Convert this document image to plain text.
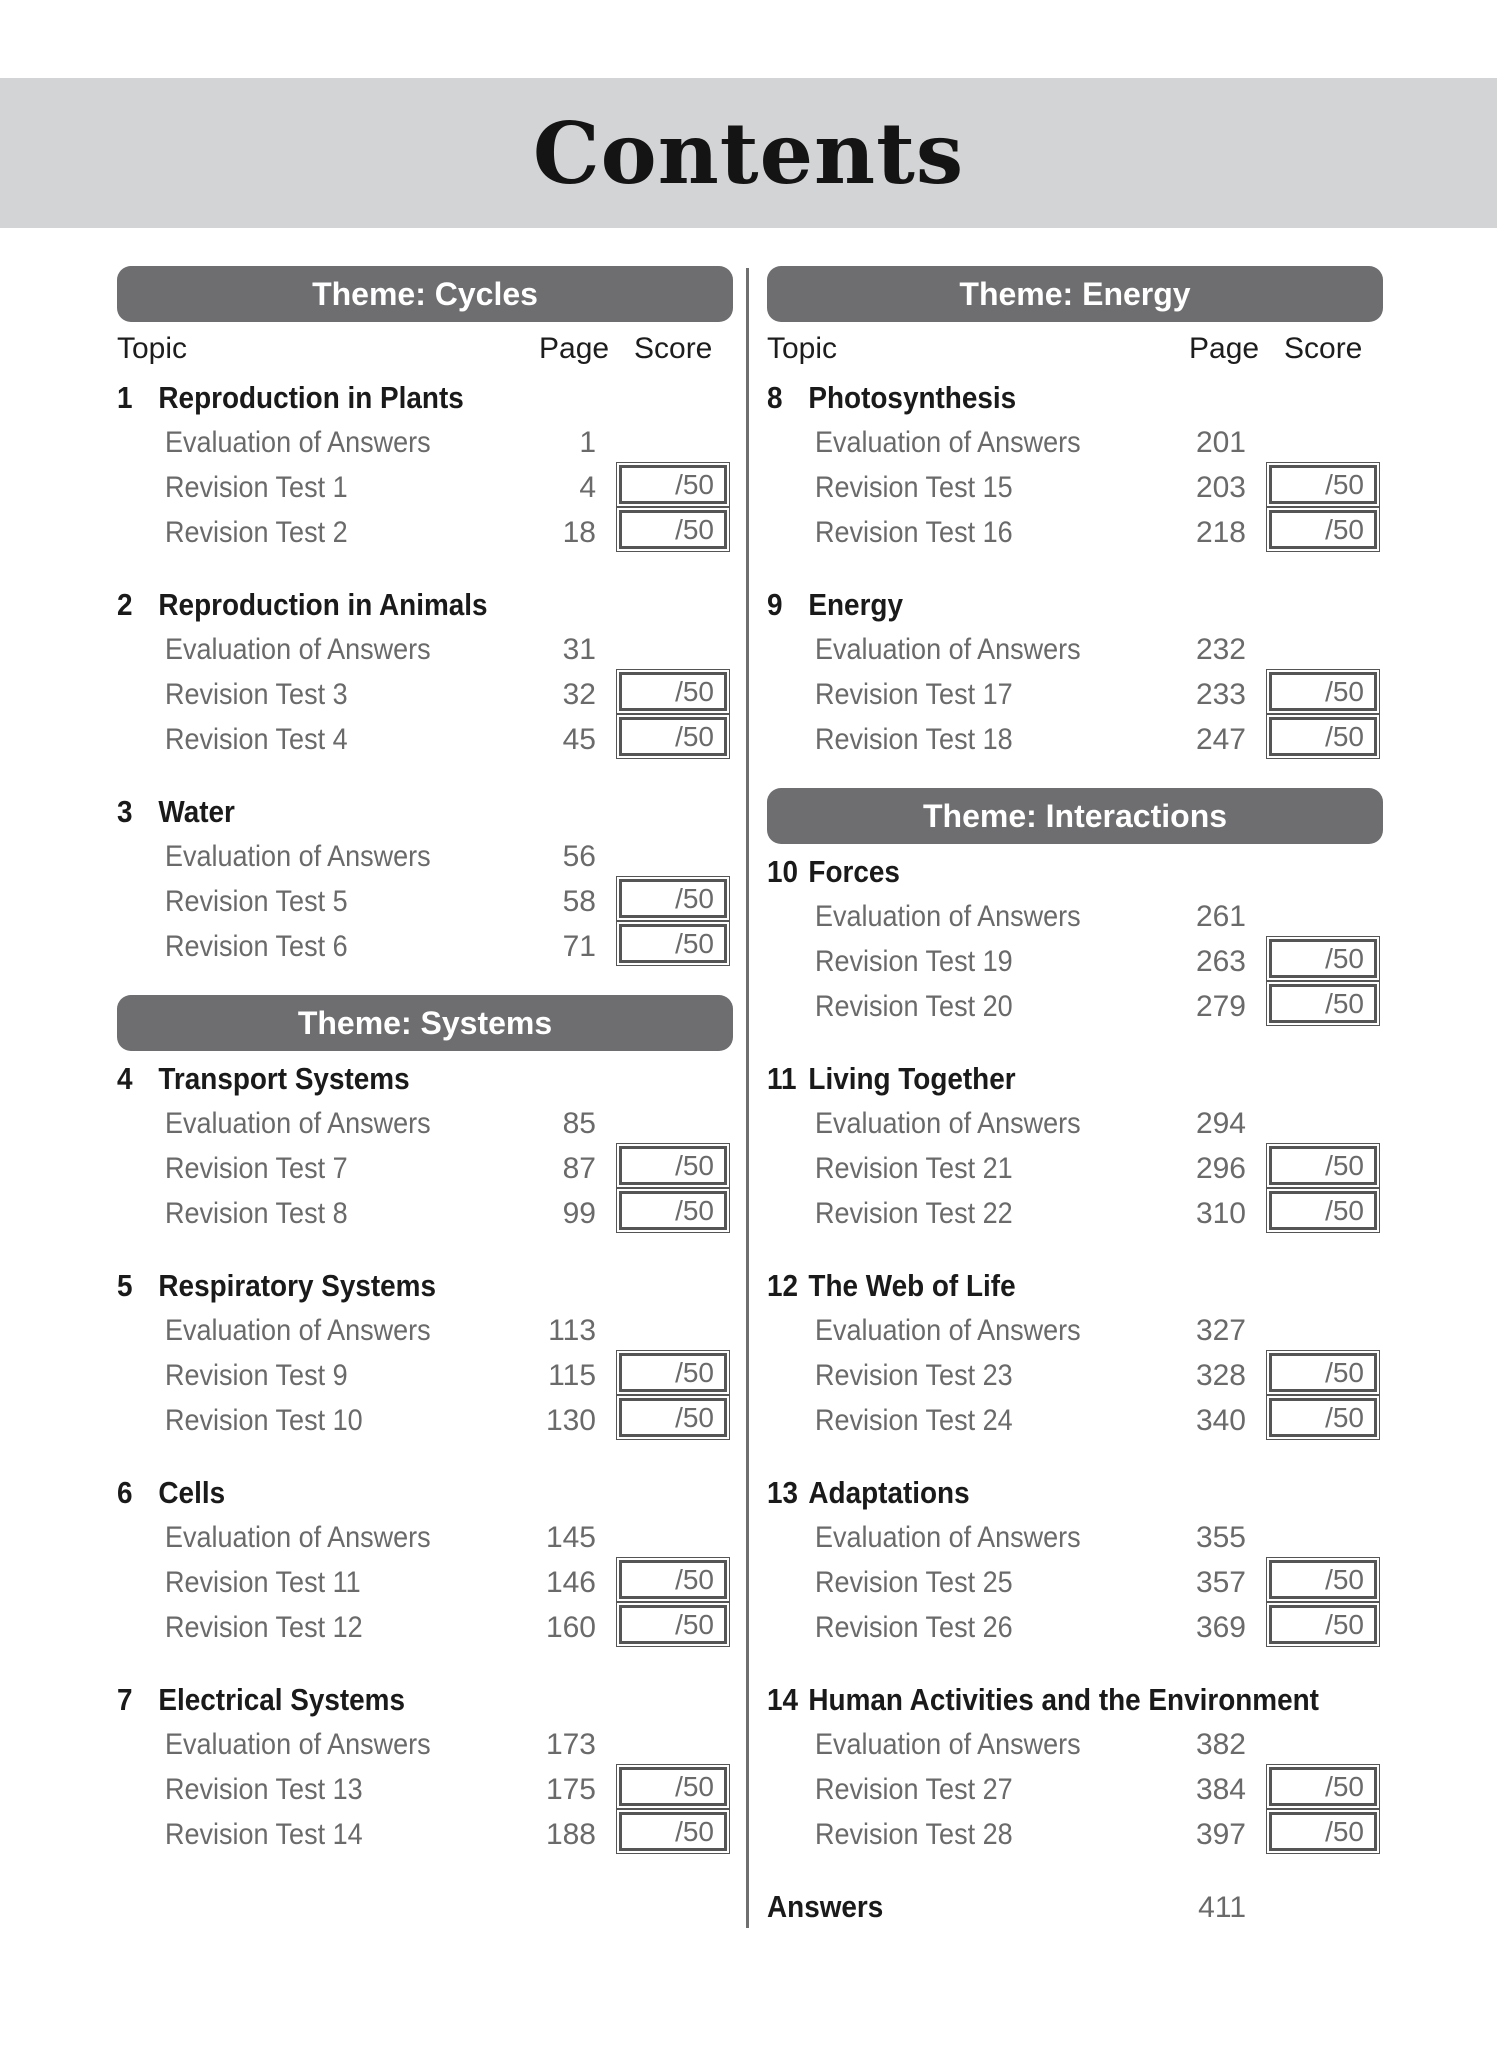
Contents
Theme: Cycles
Topic	Page Score
1 Reproduction in Plants
Evaluation of Answers	1
Revision Test 1	4	/50
Revision Test 2	18	/50
2 Reproduction in Animals
Evaluation of Answers	31
Revision Test 3	32	/50
Revision Test 4	45	/50
3 Water
Evaluation of Answers	56
Revision Test 5	58	/50
Revision Test 6	71	/50
Theme: Systems
4 Transport Systems
Evaluation of Answers	85
Revision Test 7	87	/50
Revision Test 8	99	/50
5 Respiratory Systems
Evaluation of Answers	113
Revision Test 9	115	/50
Revision Test 10	130	/50
6 Cells
Evaluation of Answers	145
Revision Test 11	146	/50
Revision Test 12	160	/50
7 Electrical Systems
Evaluation of Answers	173
Revision Test 13	175	/50
Revision Test 14	188	/50
Theme: Energy
Topic	Page Score
8 Photosynthesis
Evaluation of Answers	201
Revision Test 15	203	/50
Revision Test 16	218	/50
9 Energy
Evaluation of Answers	232
Revision Test 17	233	/50
Revision Test 18	247	/50
Theme: Interactions
10 Forces
Evaluation of Answers	261
Revision Test 19	263	/50
Revision Test 20	279	/50
11 Living Together
Evaluation of Answers	294
Revision Test 21	296	/50
Revision Test 22	310	/50
12 The Web of Life
Evaluation of Answers	327
Revision Test 23	328	/50
Revision Test 24	340	/50
13 Adaptations
Evaluation of Answers	355
Revision Test 25	357	/50
Revision Test 26	369	/50
14 Human Activities and the Environment
Evaluation of Answers	382
Revision Test 27	384	/50
Revision Test 28	397	/50
Answers	411
